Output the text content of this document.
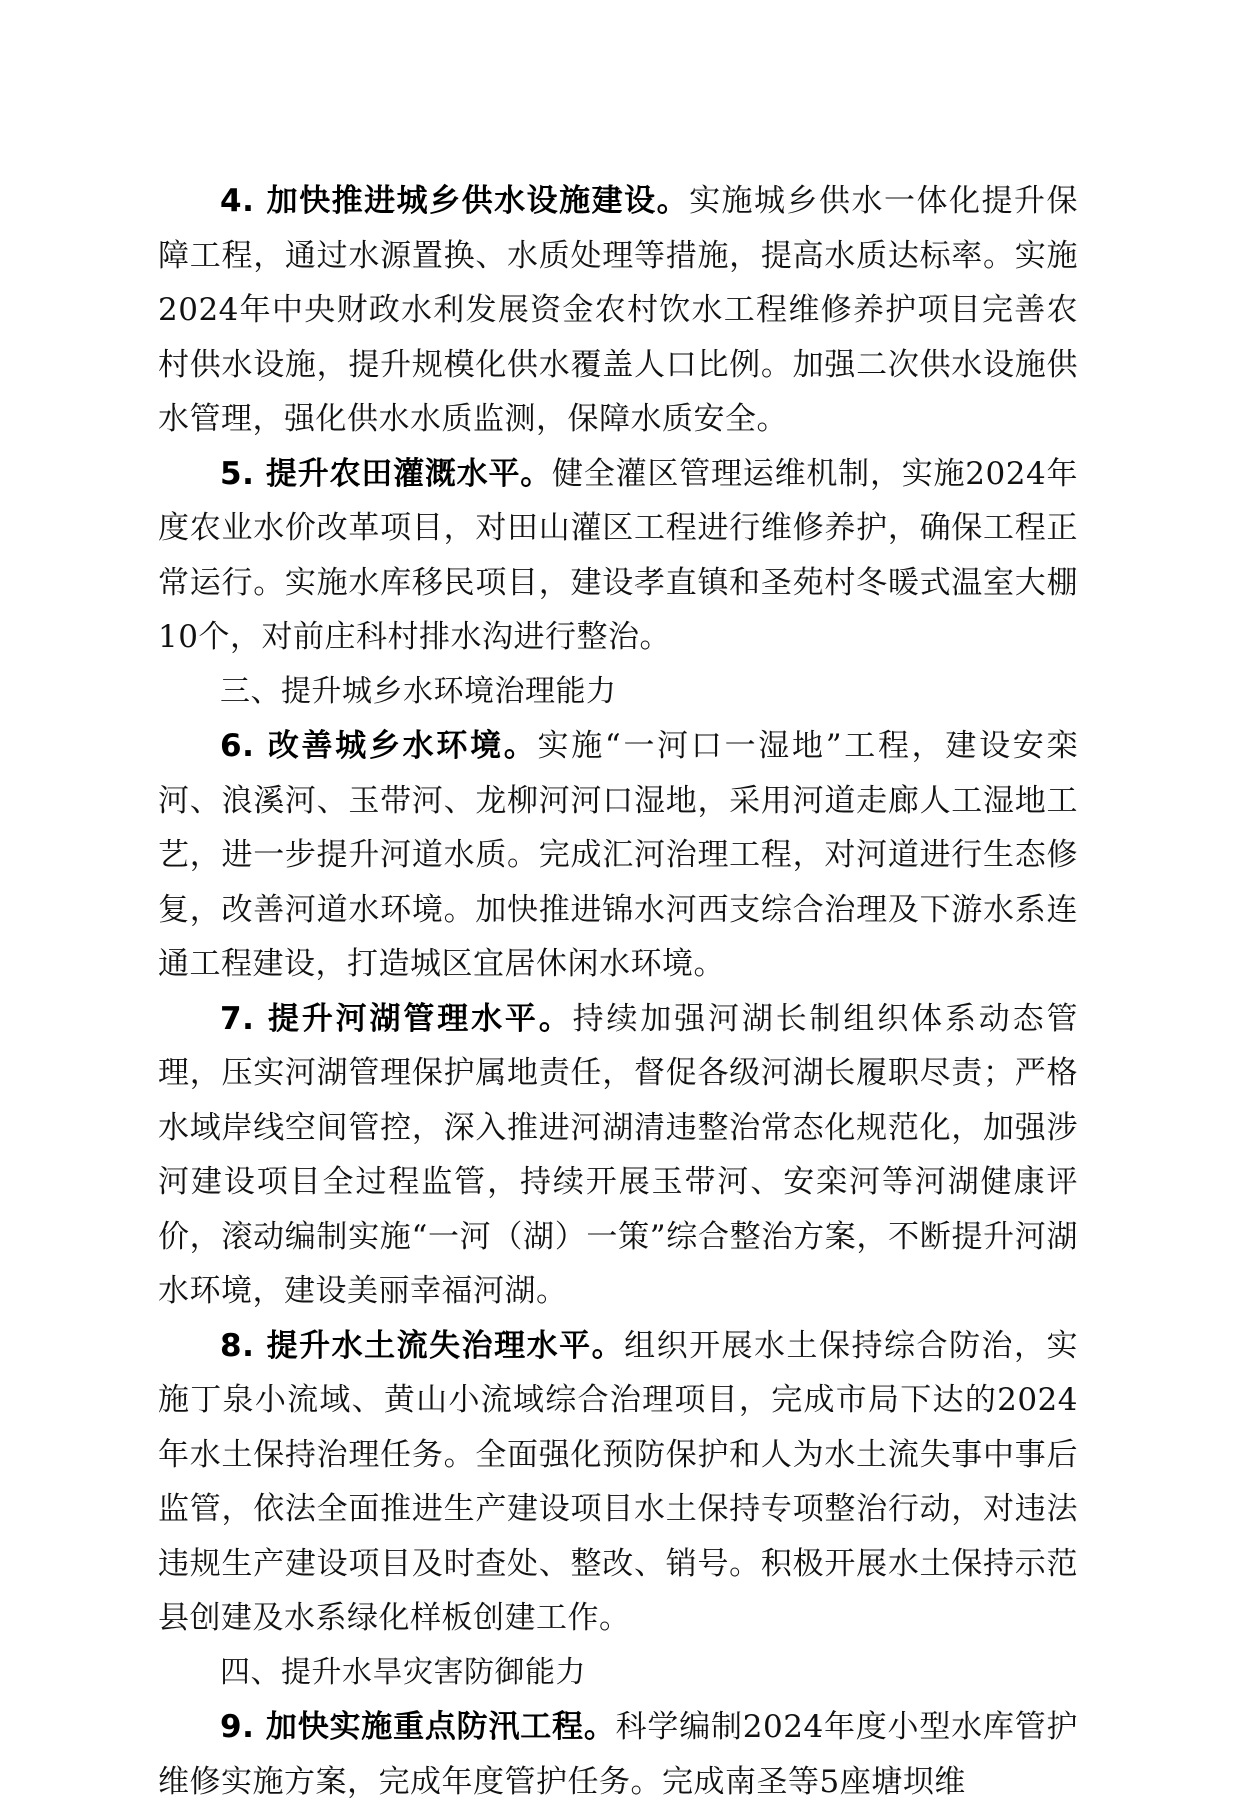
4. 加快推进城乡供水设施建设。实施城乡供水一体化提升保障工程，通过水源置换、水质处理等措施，提高水质达标率。实施2024年中央财政水利发展资金农村饮水工程维修养护项目完善农村供水设施，提升规模化供水覆盖人口比例。加强二次供水设施供水管理，强化供水水质监测，保障水质安全。

5. 提升农田灌溉水平。健全灌区管理运维机制，实施2024年度农业水价改革项目，对田山灌区工程进行维修养护，确保工程正常运行。实施水库移民项目，建设孝直镇和圣苑村冬暖式温室大棚10个，对前庄科村排水沟进行整治。

三、提升城乡水环境治理能力

6. 改善城乡水环境。实施“一河口一湿地”工程，建设安栾河、浪溪河、玉带河、龙柳河河口湿地，采用河道走廊人工湿地工艺，进一步提升河道水质。完成汇河治理工程，对河道进行生态修复，改善河道水环境。加快推进锦水河西支综合治理及下游水系连通工程建设，打造城区宜居休闲水环境。

7. 提升河湖管理水平。持续加强河湖长制组织体系动态管理，压实河湖管理保护属地责任，督促各级河湖长履职尽责；严格水域岸线空间管控，深入推进河湖清违整治常态化规范化，加强涉河建设项目全过程监管，持续开展玉带河、安栾河等河湖健康评价，滚动编制实施“一河（湖）一策”综合整治方案，不断提升河湖水环境，建设美丽幸福河湖。

8. 提升水土流失治理水平。组织开展水土保持综合防治，实施丁泉小流域、黄山小流域综合治理项目，完成市局下达的2024年水土保持治理任务。全面强化预防保护和人为水土流失事中事后监管，依法全面推进生产建设项目水土保持专项整治行动，对违法违规生产建设项目及时查处、整改、销号。积极开展水土保持示范县创建及水系绿化样板创建工作。

四、提升水旱灾害防御能力

9. 加快实施重点防汛工程。科学编制2024年度小型水库管护维修实施方案，完成年度管护任务。完成南圣等5座塘坝维
